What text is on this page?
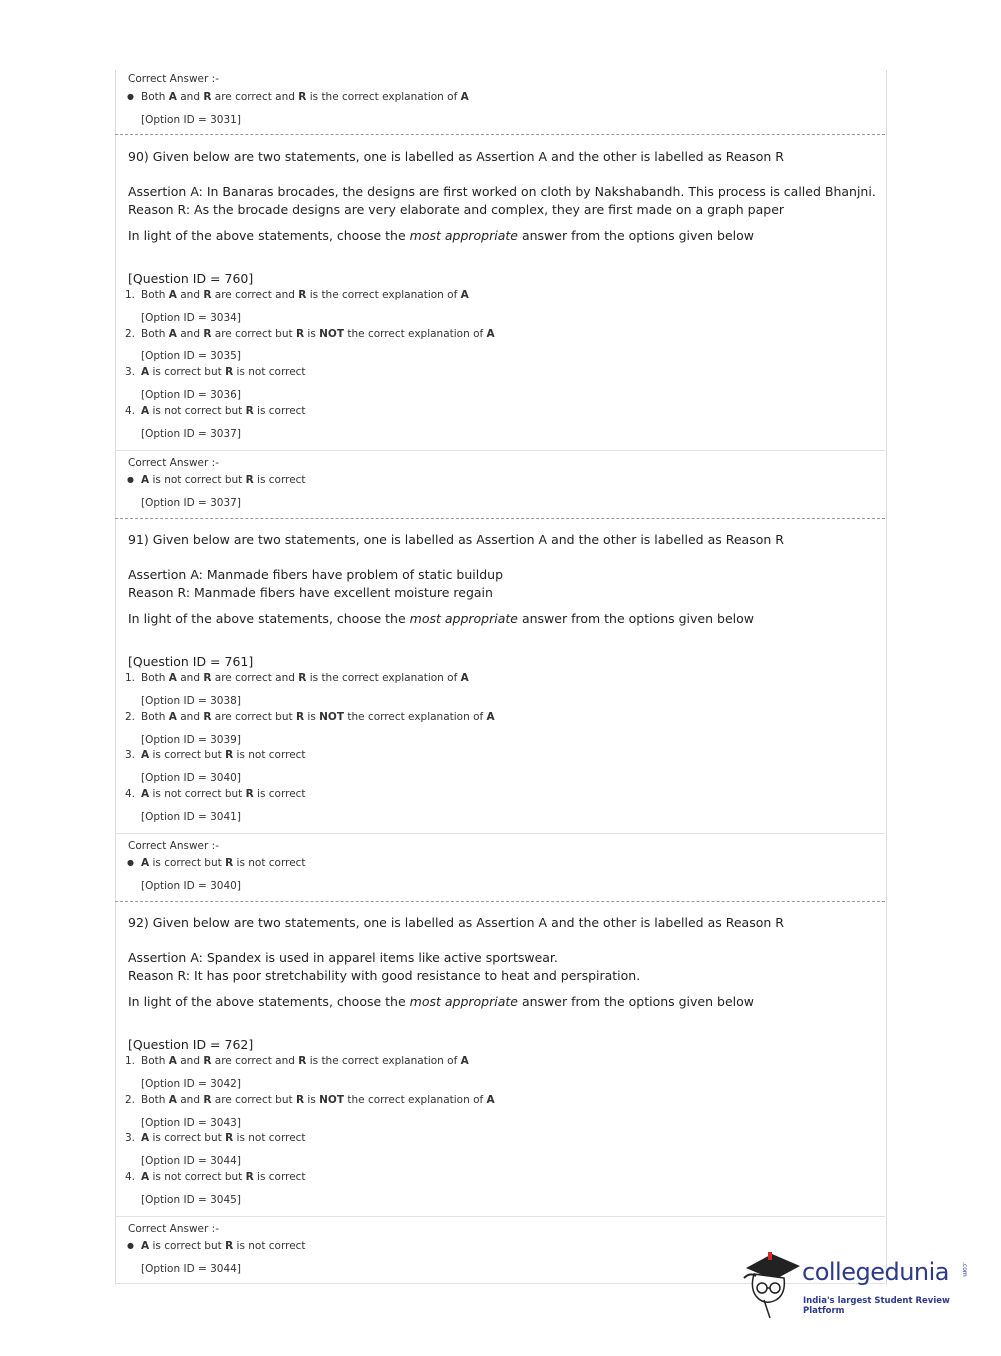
Correct Answer :-
Both A and R are correct and R is the correct explanation of A
[Option ID = 3031]
90) Given below are two statements, one is labelled as Assertion A and the other is labelled as Reason R
Assertion A: In Banaras brocades, the designs are first worked on cloth by Nakshabandh. This process is called Bhanjni.
Reason R: As the brocade designs are very elaborate and complex, they are first made on a graph paper
In light of the above statements, choose the most appropriate answer from the options given below
[Question ID = 760]
1. Both A and R are correct and R is the correct explanation of A
[Option ID = 3034]
2. Both A and R are correct but R is NOT the correct explanation of A
[Option ID = 3035]
3. A is correct but R is not correct
[Option ID = 3036]
4. A is not correct but R is correct
[Option ID = 3037]
Correct Answer :-
A is not correct but R is correct
[Option ID = 3037]
91) Given below are two statements, one is labelled as Assertion A and the other is labelled as Reason R
Assertion A: Manmade fibers have problem of static buildup
Reason R: Manmade fibers have excellent moisture regain
In light of the above statements, choose the most appropriate answer from the options given below
[Question ID = 761]
1. Both A and R are correct and R is the correct explanation of A
[Option ID = 3038]
2. Both A and R are correct but R is NOT the correct explanation of A
[Option ID = 3039]
3. A is correct but R is not correct
[Option ID = 3040]
4. A is not correct but R is correct
[Option ID = 3041]
Correct Answer :-
A is correct but R is not correct
[Option ID = 3040]
92) Given below are two statements, one is labelled as Assertion A and the other is labelled as Reason R
Assertion A: Spandex is used in apparel items like active sportswear.
Reason R: It has poor stretchability with good resistance to heat and perspiration.
In light of the above statements, choose the most appropriate answer from the options given below
[Question ID = 762]
1. Both A and R are correct and R is the correct explanation of A
[Option ID = 3042]
2. Both A and R are correct but R is NOT the correct explanation of A
[Option ID = 3043]
3. A is correct but R is not correct
[Option ID = 3044]
4. A is not correct but R is correct
[Option ID = 3045]
Correct Answer :-
A is correct but R is not correct
[Option ID = 3044]	collegedunia .com
India's largest Student Review Platform
